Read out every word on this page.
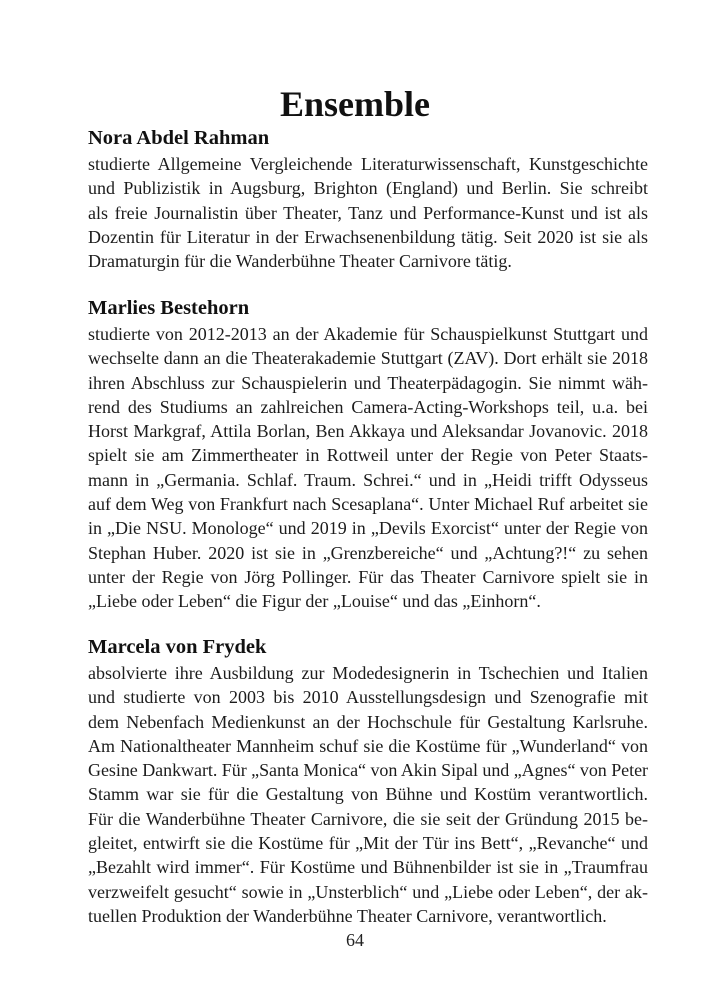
Ensemble
Nora Abdel Rahman
studierte Allgemeine Vergleichende Literaturwissenschaft, Kunstgeschichte
und Publizistik in Augsburg, Brighton (England) und Berlin. Sie schreibt
als freie Journalistin über Theater, Tanz und Performance-Kunst und ist als
Dozentin für Literatur in der Erwachsenenbildung tätig. Seit 2020 ist sie als
Dramaturgin für die Wanderbühne Theater Carnivore tätig.
Marlies Bestehorn
studierte von 2012-2013 an der Akademie für Schauspielkunst Stuttgart und
wechselte dann an die Theaterakademie Stuttgart (ZAV). Dort erhält sie 2018
ihren Abschluss zur Schauspielerin und Theaterpädagogin. Sie nimmt wäh-
rend des Studiums an zahlreichen Camera-Acting-Workshops teil, u.a. bei
Horst Markgraf, Attila Borlan, Ben Akkaya und Aleksandar Jovanovic. 2018
spielt sie am Zimmertheater in Rottweil unter der Regie von Peter Staats-
mann in „Germania. Schlaf. Traum. Schrei.“ und in „Heidi trifft Odysseus
auf dem Weg von Frankfurt nach Scesaplana“. Unter Michael Ruf arbeitet sie
in „Die NSU. Monologe“ und 2019 in „Devils Exorcist“ unter der Regie von
Stephan Huber. 2020 ist sie in „Grenzbereiche“ und „Achtung?!“ zu sehen
unter der Regie von Jörg Pollinger. Für das Theater Carnivore spielt sie in
„Liebe oder Leben“ die Figur der „Louise“ und das „Einhorn“.
Marcela von Frydek
absolvierte ihre Ausbildung zur Modedesignerin in Tschechien und Italien
und studierte von 2003 bis 2010 Ausstellungsdesign und Szenografie mit
dem Nebenfach Medienkunst an der Hochschule für Gestaltung Karlsruhe.
Am Nationaltheater Mannheim schuf sie die Kostüme für „Wunderland“ von
Gesine Dankwart. Für „Santa Monica“ von Akin Sipal und „Agnes“ von Peter
Stamm war sie für die Gestaltung von Bühne und Kostüm verantwortlich.
Für die Wanderbühne Theater Carnivore, die sie seit der Gründung 2015 be-
gleitet, entwirft sie die Kostüme für „Mit der Tür ins Bett“, „Revanche“ und
„Bezahlt wird immer“. Für Kostüme und Bühnenbilder ist sie in „Traumfrau
verzweifelt gesucht“ sowie in „Unsterblich“ und „Liebe oder Leben“, der ak-
tuellen Produktion der Wanderbühne Theater Carnivore, verantwortlich.
64
